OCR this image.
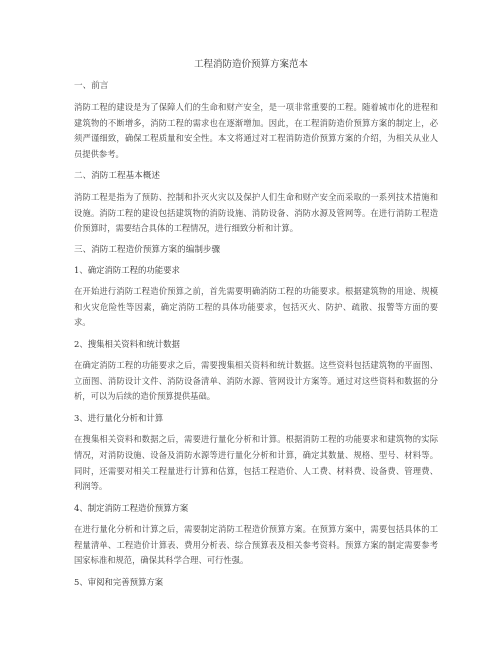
工程消防造价预算方案范本
一、前言
消防工程的建设是为了保障人们的生命和财产安全，是一项非常重要的工程。随着城市化的进程和建筑物的不断增多，消防工程的需求也在逐渐增加。因此，在工程消防造价预算方案的制定上，必须严谨细致，确保工程质量和安全性。本文将通过对工程消防造价预算方案的介绍，为相关从业人员提供参考。
二、消防工程基本概述
消防工程是指为了预防、控制和扑灭火灾以及保护人们生命和财产安全而采取的一系列技术措施和设施。消防工程的建设包括建筑物的消防设施、消防设备、消防水源及管网等。在进行消防工程造价预算时，需要结合具体的工程情况，进行细致分析和计算。
三、消防工程造价预算方案的编制步骤
1、确定消防工程的功能要求
在开始进行消防工程造价预算之前，首先需要明确消防工程的功能要求。根据建筑物的用途、规模和火灾危险性等因素，确定消防工程的具体功能要求，包括灭火、防护、疏散、报警等方面的要求。
2、搜集相关资料和统计数据
在确定消防工程的功能要求之后，需要搜集相关资料和统计数据。这些资料包括建筑物的平面图、立面图、消防设计文件、消防设备清单、消防水源、管网设计方案等。通过对这些资料和数据的分析，可以为后续的造价预算提供基础。
3、进行量化分析和计算
在搜集相关资料和数据之后，需要进行量化分析和计算。根据消防工程的功能要求和建筑物的实际情况，对消防设施、设备及消防水源等进行量化分析和计算，确定其数量、规格、型号、材料等。同时，还需要对相关工程量进行计算和估算，包括工程造价、人工费、材料费、设备费、管理费、利润等。
4、制定消防工程造价预算方案
在进行量化分析和计算之后，需要制定消防工程造价预算方案。在预算方案中，需要包括具体的工程量清单、工程造价计算表、费用分析表、综合预算表及相关参考资料。预算方案的制定需要参考国家标准和规范，确保其科学合理、可行性强。
5、审阅和完善预算方案
